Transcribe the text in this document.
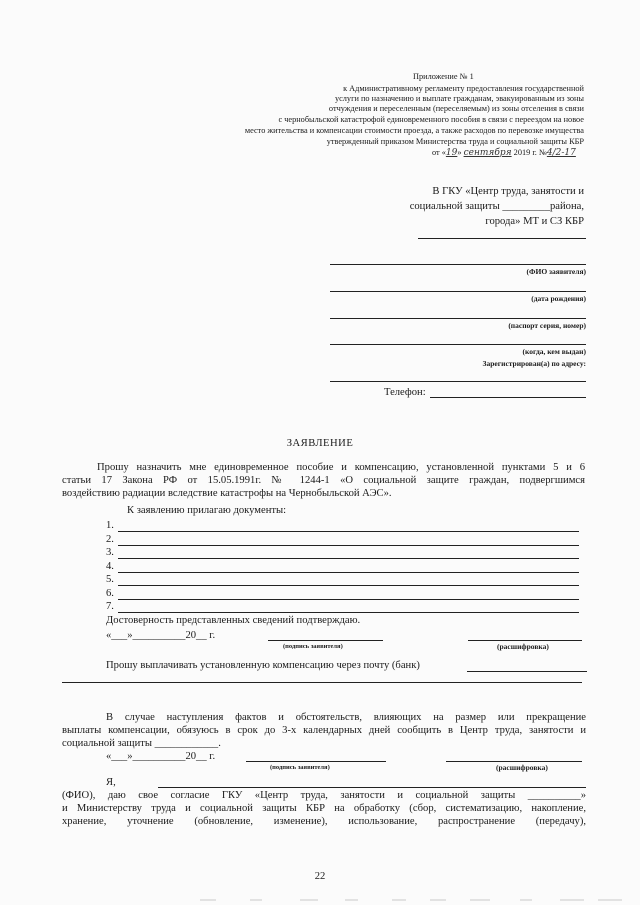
Приложение № 1
к Административному регламенту предоставления государственной
услуги по назначению и выплате гражданам, эвакуированным из зоны
отчуждения и переселенным (переселяемым) из зоны отселения в связи
с чернобыльской катастрофой единовременного пособия в связи с переездом на новое
место жительства и компенсации стоимости проезда, а также расходов по перевозке имущества
утвержденный приказом Министерства труда и социальной защиты КБР
от «19» сентября 2019 г. №4/2-17
В ГКУ «Центр труда, занятости и
социальной защиты _________района,
города» МТ и СЗ КБР
(ФИО заявителя)
(дата рождения)
(паспорт серия, номер)
(когда, кем выдан)
Зарегистрирован(а) по адресу:
Телефон:
ЗАЯВЛЕНИЕ
Прошу назначить мне единовременное пособие и компенсацию, установленной пунктами 5 и 6
статьи 17 Закона РФ от 15.05.1991г. № 1244-1 «О социальной защите граждан, подвергшимся
воздействию радиации вследствие катастрофы на Чернобыльской АЭС».
К заявлению прилагаю документы:
1.
2.
3.
4.
5.
6.
7.
Достоверность представленных сведений подтверждаю.
«___»__________20__ г.
(подпись заявителя)	(расшифровка)
Прошу выплачивать установленную компенсацию через почту (банк)
В случае наступления фактов и обстоятельств, влияющих на размер или прекращение
выплаты компенсации, обязуюсь в срок до 3-х календарных дней сообщить в Центр труда, занятости и
социальной защиты ____________.
«___»__________20__ г.
(подпись заявителя)	(расшифровка)
Я,
(ФИО), даю свое согласие ГКУ «Центр труда, занятости и социальной защиты __________»
и Министерству труда и социальной защиты КБР на обработку (сбор, систематизацию, накопление,
хранение, уточнение (обновление, изменение), использование, распространение (передачу),
22
